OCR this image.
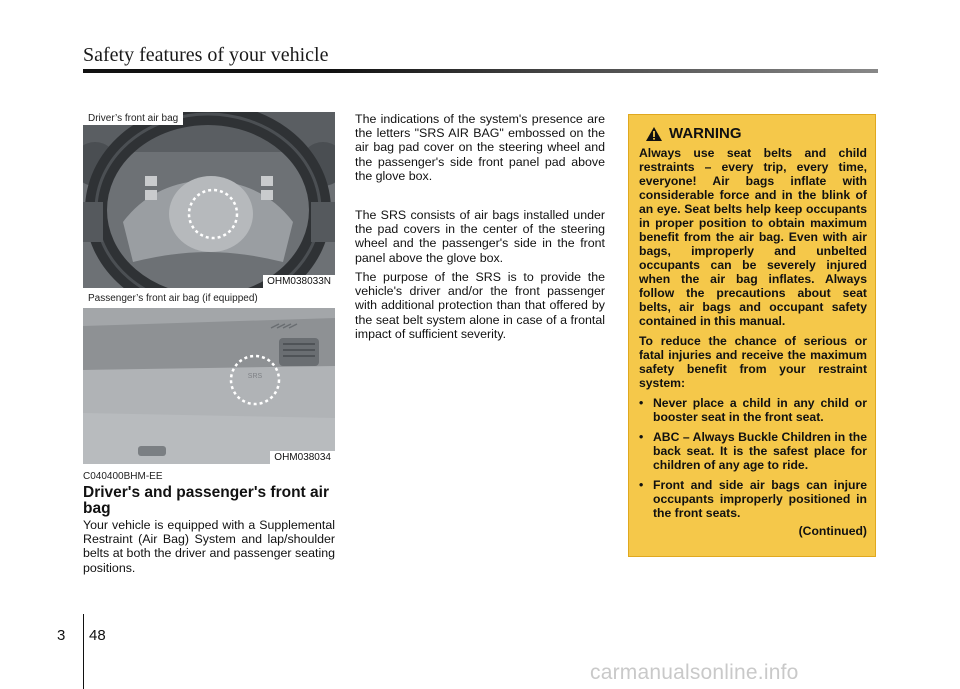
Safety features of your vehicle
Driver’s front air bag
OHM038033N
Passenger’s front air bag (if equipped)
SRS
OHM038034
C040400BHM-EE
Driver's and passenger's front air bag
Your vehicle is equipped with a Supplemental Restraint (Air Bag) System and lap/shoulder belts at both the driver and passenger seating positions.
The indications of the system's presence are the letters "SRS AIR BAG" embossed on the air bag pad cover on the steering wheel and the passenger's side front panel pad above the glove box.
The SRS consists of air bags installed under the pad covers in the center of the steering wheel and the passenger's side in the front panel above the glove box.
The purpose of the SRS is to provide the vehicle's driver and/or the front passenger with additional protection than that offered by the seat belt system alone in case of a frontal impact of sufficient severity.
WARNING

Always use seat belts and child restraints – every trip, every time, everyone! Air bags inflate with considerable force and in the blink of an eye. Seat belts help keep occupants in proper position to obtain maximum benefit from the air bag. Even with air bags, improperly and unbelted occupants can be severely injured when the air bag inflates. Always follow the precautions about seat belts, air bags and occupant safety contained in this manual.

To reduce the chance of serious or fatal injuries and receive the maximum safety benefit from your restraint system:

• Never place a child in any child or booster seat in the front seat.
• ABC – Always Buckle Children in the back seat. It is the safest place for children of any age to ride.
• Front and side air bags can injure occupants improperly positioned in the front seats.
(Continued)
3 48
carmanualsonline.info
